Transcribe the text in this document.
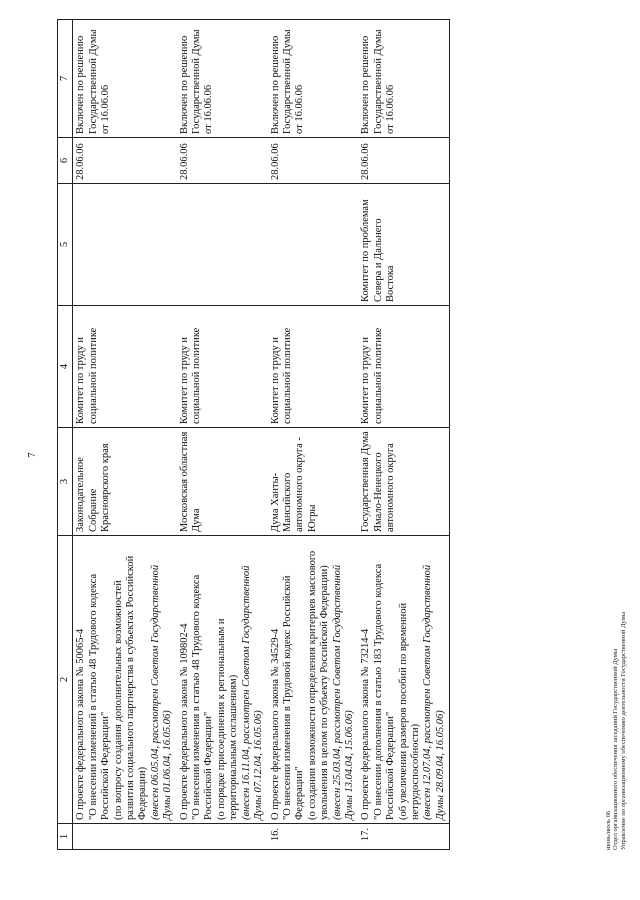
7
1	2	3	4	5	6	7

	О проекте федерального закона № 50065-4 "О внесении изменений в статью 48 Трудового кодекса Российской Федерации" (по вопросу создания дополнительных возможностей развития социального партнерства в субъектах Российской Федерации) (внесен 06.05.04, рассмотрен Советом Государственной Думы 01.06.04, 16.05.06)	Законодательное Собрание Красноярского края	Комитет по труду и социальной политике		28.06.06	Включен по решению Государственной Думы от 16.06.06

	О проекте федерального закона № 109802-4 "О внесении изменения в статью 48 Трудового кодекса Российской Федерации" (о порядке присоединения к региональным и территориальным соглашениям) (внесен 16.11.04, рассмотрен Советом Государственной Думы 07.12.04, 16.05.06)	Московская областная Дума	Комитет по труду и социальной политике		28.06.06	Включен по решению Государственной Думы от 16.06.06
16.	О проекте федерального закона № 34529-4 "О внесении изменения в Трудовой кодекс Российской Федерации" (о создании возможности определения критериев массового увольнения в целом по субъекту Российской Федерации) (внесен 25.03.04, рассмотрен Советом Государственной Думы 13.04.04, 15.06.06)	Дума Ханты-Мансийского автономного округа - Югры	Комитет по труду и социальной политике		28.06.06	Включен по решению Государственной Думы от 16.06.06
17.	О проекте федерального закона № 73214-4 "О внесении дополнения в статью 183 Трудового кодекса Российской Федерации" (об увеличении размеров пособий по временной нетрудоспособности) (внесен 12.07.04, рассмотрен Советом Государственной Думы 28.09.04, 16.05.06)	Государственная Дума Ямало-Ненецкого автономного округа	Комитет по труду и социальной политике	Комитет по проблемам Севера и Дальнего Востока	28.06.06	Включен по решению Государственной Думы от 16.06.06
июнь/июль 06 Отдел организационного обеспечения заседаний Государственной Думы Управление по организационному обеспечению деятельности Государственной Думы
